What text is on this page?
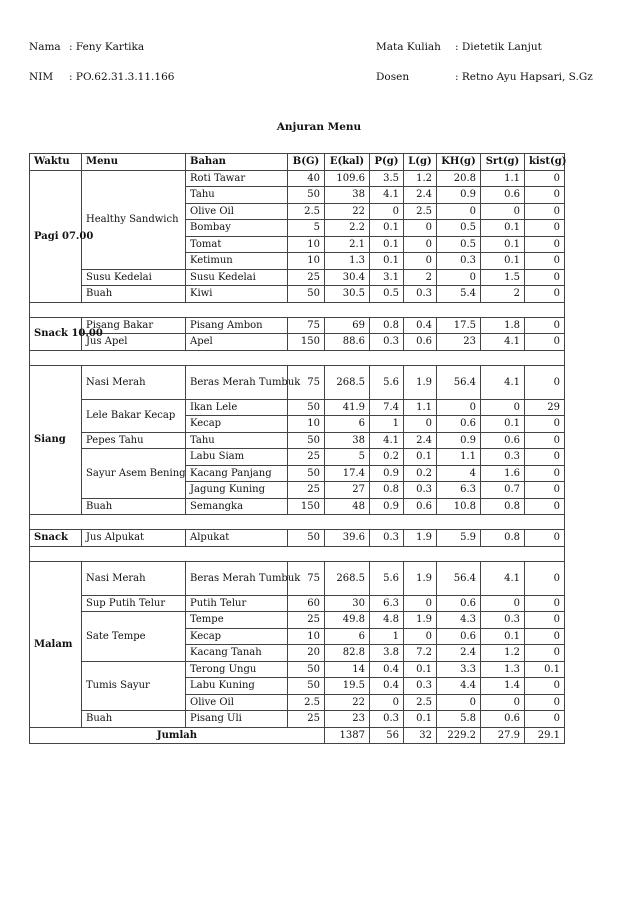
Nama : Feny Kartika
NIM : PO.62.31.3.11.166
Mata Kuliah : Dietetik Lanjut
Dosen	: Retno Ayu Hapsari, S.Gz
Anjuran Menu
Waktu	Menu	Bahan	B(G)	E(kal)	P(g)	L(g)	KH(g)	Srt(g)	kist(g)
Pagi 07.00	Healthy Sandwich	Roti Tawar	40	109.6	3.5	1.2	20.8	1.1	0
		Tahu	50	38	4.1	2.4	0.9	0.6	0
		Olive Oil	2.5	22	0	2.5	0	0	0
		Bombay	5	2.2	0.1	0	0.5	0.1	0
		Tomat	10	2.1	0.1	0	0.5	0.1	0
		Ketimun	10	1.3	0.1	0	0.3	0.1	0
	Susu Kedelai	Susu Kedelai	25	30.4	3.1	2	0	1.5	0
	Buah	Kiwi	50	30.5	0.5	0.3	5.4	2	0

Snack 10.00	Pisang Bakar	Pisang Ambon	75	69	0.8	0.4	17.5	1.8	0
	Jus Apel	Apel	150	88.6	0.3	0.6	23	4.1	0

Siang	Nasi Merah	Beras Merah Tumbuk	75	268.5	5.6	1.9	56.4	4.1	0
	Lele Bakar Kecap	Ikan Lele	50	41.9	7.4	1.1	0	0	29
		Kecap	10	6	1	0	0.6	0.1	0
	Pepes Tahu	Tahu	50	38	4.1	2.4	0.9	0.6	0
	Sayur Asem Bening	Labu Siam	25	5	0.2	0.1	1.1	0.3	0
		Kacang Panjang	50	17.4	0.9	0.2	4	1.6	0
		Jagung Kuning	25	27	0.8	0.3	6.3	0.7	0
	Buah	Semangka	150	48	0.9	0.6	10.8	0.8	0

Snack	Jus Alpukat	Alpukat	50	39.6	0.3	1.9	5.9	0.8	0

Malam	Nasi Merah	Beras Merah Tumbuk	75	268.5	5.6	1.9	56.4	4.1	0
	Sup Putih Telur	Putih Telur	60	30	6.3	0	0.6	0	0
	Sate Tempe	Tempe	25	49.8	4.8	1.9	4.3	0.3	0
		Kecap	10	6	1	0	0.6	0.1	0
		Kacang Tanah	20	82.8	3.8	7.2	2.4	1.2	0
	Tumis Sayur	Terong Ungu	50	14	0.4	0.1	3.3	1.3	0.1
		Labu Kuning	50	19.5	0.4	0.3	4.4	1.4	0
		Olive Oil	2.5	22	0	2.5	0	0	0
	Buah	Pisang Uli	25	23	0.3	0.1	5.8	0.6	0
Jumlah				1387	56	32	229.2	27.9	29.1
